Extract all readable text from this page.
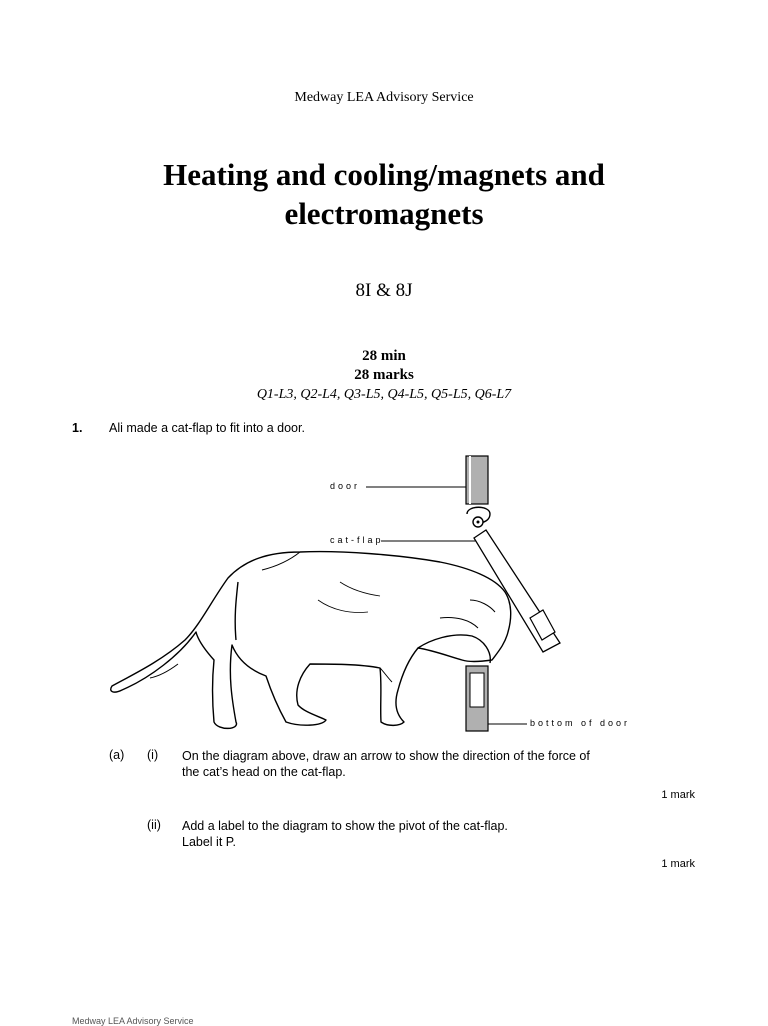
Medway LEA Advisory Service
Heating and cooling/magnets and electromagnets
8I & 8J
28 min
28 marks
Q1-L3, Q2-L4, Q3-L5, Q4-L5, Q5-L5, Q6-L7
1. Ali made a cat-flap to fit into a door.
door
cat-flap
bottom of door
(a) (i) On the diagram above, draw an arrow to show the direction of the force of
the cat’s head on the cat-flap.
1 mark
(ii) Add a label to the diagram to show the pivot of the cat-flap.
Label it P.
1 mark
Medway LEA Advisory Service
